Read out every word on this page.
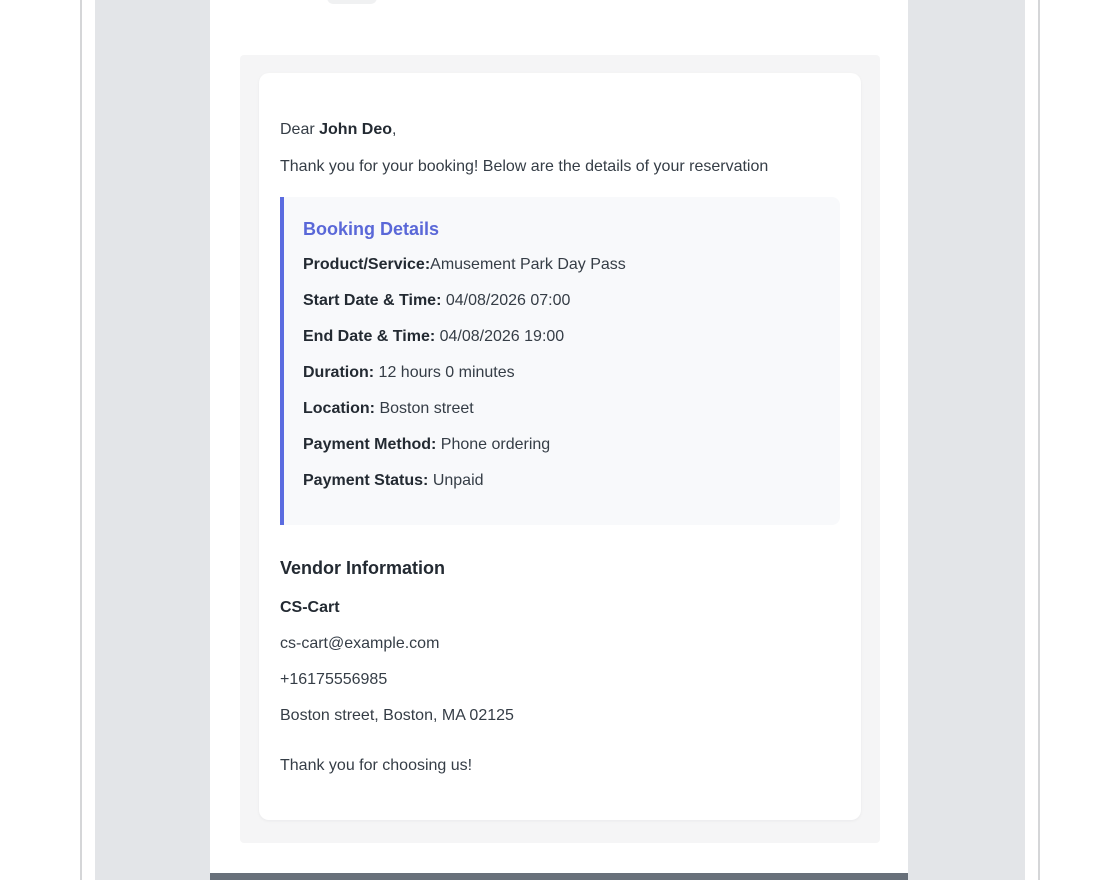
Dear John Deo,

Thank you for your booking! Below are the details of your reservation

Booking Details

Product/Service:Amusement Park Day Pass

Start Date & Time: 04/08/2026 07:00

End Date & Time: 04/08/2026 19:00

Duration: 12 hours 0 minutes

Location: Boston street

Payment Method: Phone ordering

Payment Status: Unpaid

Vendor Information

CS-Cart

cs-cart@example.com

+16175556985

Boston street, Boston, MA 02125

Thank you for choosing us!
